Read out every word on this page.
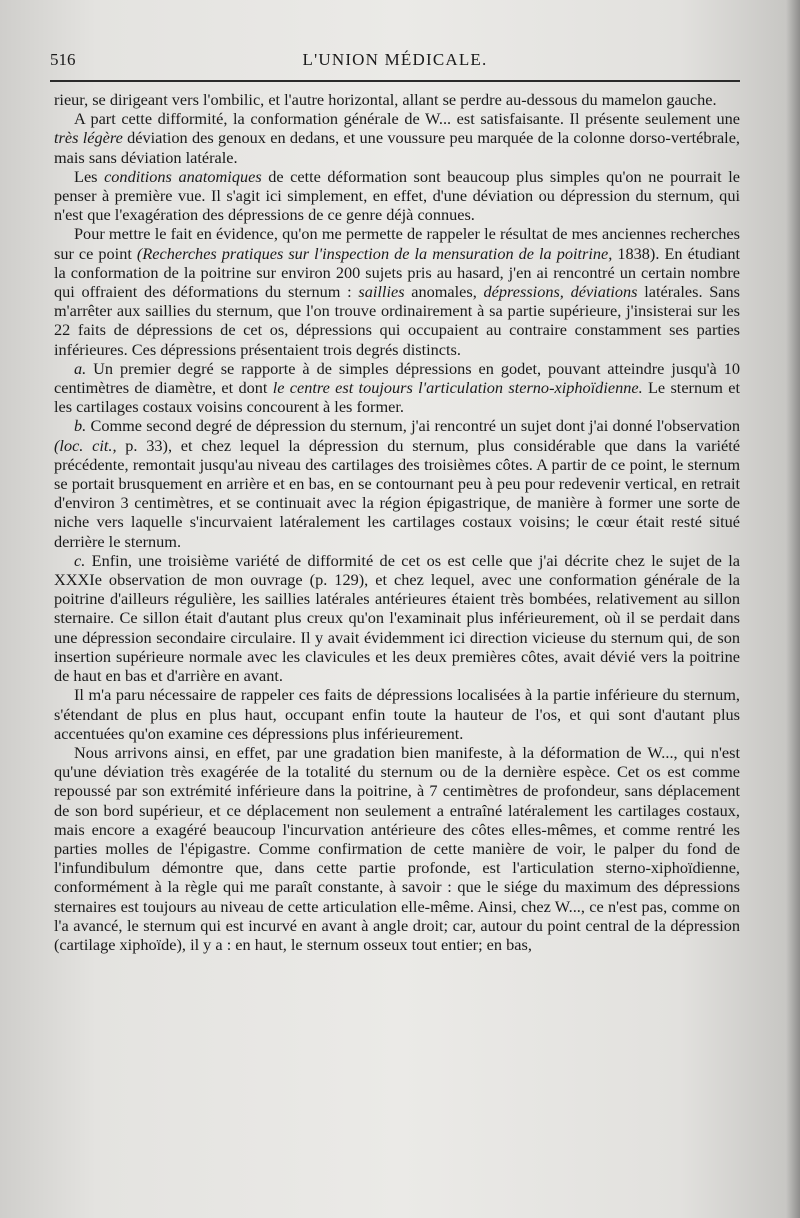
516	L'UNION MÉDICALE.

rieur, se dirigeant vers l'ombilic, et l'autre horizontal, allant se perdre au-dessous du mamelon gauche.

A part cette difformité, la conformation générale de W... est satisfaisante. Il présente seulement une très légère déviation des genoux en dedans, et une voussure peu marquée de la colonne dorso-vertébrale, mais sans déviation latérale.

Les conditions anatomiques de cette déformation sont beaucoup plus simples qu'on ne pourrait le penser à première vue. Il s'agit ici simplement, en effet, d'une déviation ou dépression du sternum, qui n'est que l'exagération des dépressions de ce genre déjà connues.

Pour mettre le fait en évidence, qu'on me permette de rappeler le résultat de mes anciennes recherches sur ce point (Recherches pratiques sur l'inspection de la mensuration de la poitrine, 1838). En étudiant la conformation de la poitrine sur environ 200 sujets pris au hasard, j'en ai rencontré un certain nombre qui offraient des déformations du sternum : saillies anomales, dépressions, déviations latérales. Sans m'arrêter aux saillies du sternum, que l'on trouve ordinairement à sa partie supérieure, j'insisterai sur les 22 faits de dépressions de cet os, dépressions qui occupaient au contraire constamment ses parties inférieures. Ces dépressions présentaient trois degrés distincts.

a. Un premier degré se rapporte à de simples dépressions en godet, pouvant atteindre jusqu'à 10 centimètres de diamètre, et dont le centre est toujours l'articulation sterno-xiphoïdienne. Le sternum et les cartilages costaux voisins concourent à les former.

b. Comme second degré de dépression du sternum, j'ai rencontré un sujet dont j'ai donné l'observation (loc. cit., p. 33), et chez lequel la dépression du sternum, plus considérable que dans la variété précédente, remontait jusqu'au niveau des cartilages des troisièmes côtes. A partir de ce point, le sternum se portait brusquement en arrière et en bas, en se contournant peu à peu pour redevenir vertical, en retrait d'environ 3 centimètres, et se continuait avec la région épigastrique, de manière à former une sorte de niche vers laquelle s'incurvaient latéralement les cartilages costaux voisins; le cœur était resté situé derrière le sternum.

c. Enfin, une troisième variété de difformité de cet os est celle que j'ai décrite chez le sujet de la XXXIe observation de mon ouvrage (p. 129), et chez lequel, avec une conformation générale de la poitrine d'ailleurs régulière, les saillies latérales antérieures étaient très bombées, relativement au sillon sternaire. Ce sillon était d'autant plus creux qu'on l'examinait plus inférieurement, où il se perdait dans une dépression secondaire circulaire. Il y avait évidemment ici direction vicieuse du sternum qui, de son insertion supérieure normale avec les clavicules et les deux premières côtes, avait dévié vers la poitrine de haut en bas et d'arrière en avant.

Il m'a paru nécessaire de rappeler ces faits de dépressions localisées à la partie inférieure du sternum, s'étendant de plus en plus haut, occupant enfin toute la hauteur de l'os, et qui sont d'autant plus accentuées qu'on examine ces dépressions plus inférieurement.

Nous arrivons ainsi, en effet, par une gradation bien manifeste, à la déformation de W..., qui n'est qu'une déviation très exagérée de la totalité du sternum ou de la dernière espèce. Cet os est comme repoussé par son extrémité inférieure dans la poitrine, à 7 centimètres de profondeur, sans déplacement de son bord supérieur, et ce déplacement non seulement a entraîné latéralement les cartilages costaux, mais encore a exagéré beaucoup l'incurvation antérieure des côtes elles-mêmes, et comme rentré les parties molles de l'épigastre. Comme confirmation de cette manière de voir, le palper du fond de l'infundibulum démontre que, dans cette partie profonde, est l'articulation sterno-xiphoïdienne, conformément à la règle qui me paraît constante, à savoir : que le siége du maximum des dépressions sternaires est toujours au niveau de cette articulation elle-même. Ainsi, chez W..., ce n'est pas, comme on l'a avancé, le sternum qui est incurvé en avant à angle droit; car, autour du point central de la dépression (cartilage xiphoïde), il y a : en haut, le sternum osseux tout entier; en bas,
